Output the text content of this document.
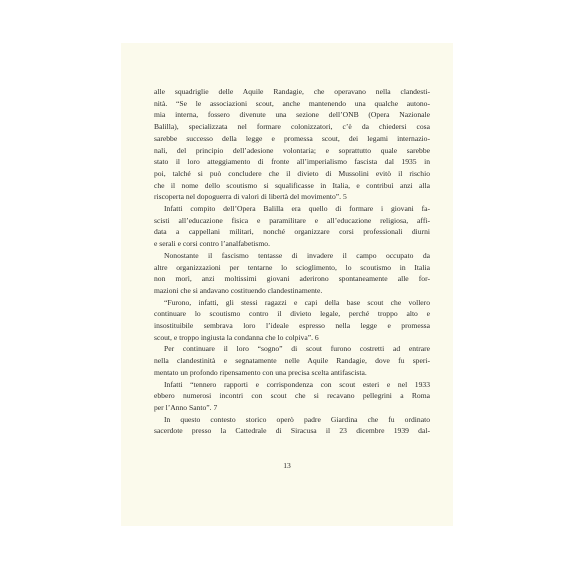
alle squadriglie delle Aquile Randagie, che operavano nella clandesti-
nità. “Se le associazioni scout, anche mantenendo una qualche autono-
mia interna, fossero divenute una sezione dell’ONB (Opera Nazionale
Balilla), specializzata nel formare colonizzatori, c’è da chiedersi cosa
sarebbe successo della legge e promessa scout, dei legami internazio-
nali, del principio dell’adesione volontaria; e soprattutto quale sarebbe
stato il loro atteggiamento di fronte all’imperialismo fascista dal 1935 in
poi, talché si può concludere che il divieto di Mussolini evitò il rischio
che il nome dello scoutismo si squalificasse in Italia, e contribuì anzi alla
riscoperta nel dopoguerra di valori di libertà del movimento”. 5
Infatti compito dell’Opera Balilla era quello di formare i giovani fa-
scisti all’educazione fisica e paramilitare e all’educazione religiosa, affi-
data a cappellani militari, nonché organizzare corsi professionali diurni
e serali e corsi contro l’analfabetismo.
Nonostante il fascismo tentasse di invadere il campo occupato da
altre organizzazioni per tentarne lo scioglimento, lo scoutismo in Italia
non morì, anzi moltissimi giovani aderirono spontaneamente alle for-
mazioni che si andavano costituendo clandestinamente.
“Furono, infatti, gli stessi ragazzi e capi della base scout che vollero
continuare lo scoutismo contro il divieto legale, perché troppo alto e
insostituibile sembrava loro l’ideale espresso nella legge e promessa
scout, e troppo ingiusta la condanna che lo colpiva”. 6
Per continuare il loro “sogno” di scout furono costretti ad entrare
nella clandestinità e segnatamente nelle Aquile Randagie, dove fu speri-
mentato un profondo ripensamento con una precisa scelta antifascista.
Infatti “tennero rapporti e corrispondenza con scout esteri e nel 1933
ebbero numerosi incontri con scout che si recavano pellegrini a Roma
per l’Anno Santo”. 7
In questo contesto storico operò padre Giardina che fu ordinato
sacerdote presso la Cattedrale di Siracusa il 23 dicembre 1939 dal-
13
